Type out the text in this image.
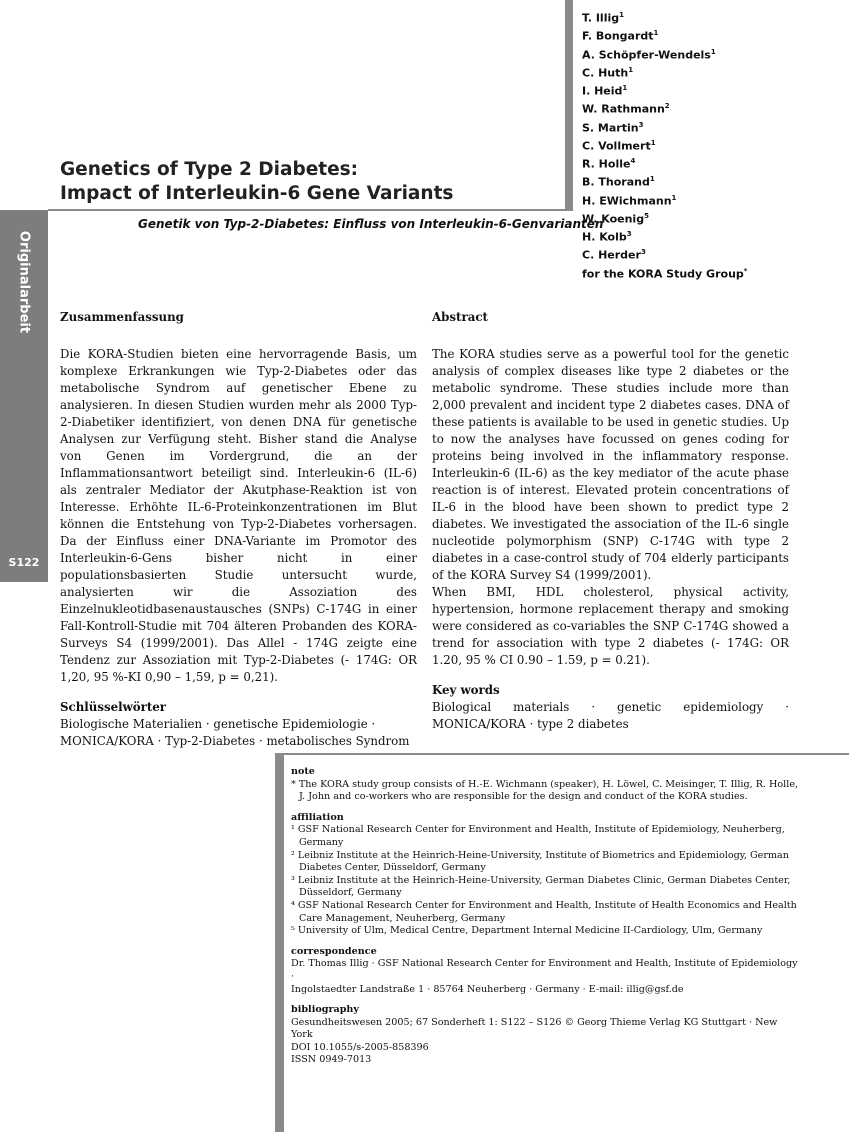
Originalarbeit
S122
T. Illig$^1$
F. Bongardt$^1$
A. Schöpfer-Wendels$^1$
C. Huth$^1$
I. Heid$^1$
W. Rathmann$^2$
S. Martin$^3$
C. Vollmert$^1$
R. Holle$^4$
B. Thorand$^1$
H. EWichmann$^1$
W. Koenig$^5$
H. Kolb$^3$
C. Herder$^3$
for the KORA Study Group*
Genetics of Type 2 Diabetes:
Impact of Interleukin-6 Gene Variants
Genetik von Typ-2-Diabetes: Einfluss von Interleukin-6-Genvarianten
Zusammenfassung

Die KORA-Studien bieten eine hervorragende Basis, um komplexe Erkrankungen wie Typ-2-Diabetes oder das metabolische Syndrom auf genetischer Ebene zu analysieren. In diesen Studien wurden mehr als 2000 Typ-2-Diabetiker identifiziert, von denen DNA für genetische Analysen zur Verfügung steht. Bisher stand die Analyse von Genen im Vordergrund, die an der Inflammationsantwort beteiligt sind. Interleukin-6 (IL-6) als zentraler Mediator der Akutphase-Reaktion ist von Interesse. Erhöhte IL-6-Proteinkonzentrationen im Blut können die Entstehung von Typ-2-Diabetes vorhersagen. Da der Einfluss einer DNA-Variante im Promotor des Interleukin-6-Gens bisher nicht in einer populationsbasierten Studie untersucht wurde, analysierten wir die Assoziation des Einzelnukleotidbasenaustausches (SNPs) C-174G in einer Fall-Kontroll-Studie mit 704 älteren Probanden des KORA-Surveys S4 (1999/2001). Das Allel - 174G zeigte eine Tendenz zur Assoziation mit Typ-2-Diabetes (- 174G: OR 1,20, 95 %-KI 0,90 – 1,59, p = 0,21).

Schlüsselwörter

Biologische Materialien · genetische Epidemiologie · MONICA/KORA · Typ-2-Diabetes · metabolisches Syndrom

Abstract

The KORA studies serve as a powerful tool for the genetic analysis of complex diseases like type 2 diabetes or the metabolic syndrome. These studies include more than 2,000 prevalent and incident type 2 diabetes cases. DNA of these patients is available to be used in genetic studies. Up to now the analyses have focussed on genes coding for proteins being involved in the inflammatory response. Interleukin-6 (IL-6) as the key mediator of the acute phase reaction is of interest. Elevated protein concentrations of IL-6 in the blood have been shown to predict type 2 diabetes. We investigated the association of the IL-6 single nucleotide polymorphism (SNP) C-174G with type 2 diabetes in a case-control study of 704 elderly participants of the KORA Survey S4 (1999/2001).

When BMI, HDL cholesterol, physical activity, hypertension, hormone replacement therapy and smoking were considered as co-variables the SNP C-174G showed a trend for association with type 2 diabetes (- 174G: OR 1.20, 95 % CI 0.90 – 1.59, p = 0.21).

Key words

Biological materials · genetic epidemiology · MONICA/KORA · type 2 diabetes

note
* The KORA study group consists of H.-E. Wichmann (speaker), H. Löwel, C. Meisinger, T. Illig, R. Holle, J. John and co-workers who are responsible for the design and conduct of the KORA studies.
affiliation
¹ GSF National Research Center for Environment and Health, Institute of Epidemiology, Neuherberg, Germany
² Leibniz Institute at the Heinrich-Heine-University, Institute of Biometrics and Epidemiology, German Diabetes Center, Düsseldorf, Germany
³ Leibniz Institute at the Heinrich-Heine-University, German Diabetes Clinic, German Diabetes Center, Düsseldorf, Germany
⁴ GSF National Research Center for Environment and Health, Institute of Health Economics and Health Care Management, Neuherberg, Germany
⁵ University of Ulm, Medical Centre, Department Internal Medicine II-Cardiology, Ulm, Germany
correspondence
Dr. Thomas Illig · GSF National Research Center for Environment and Health, Institute of Epidemiology ·
Ingolstaedter Landstraße 1 · 85764 Neuherberg · Germany · E-mail: illig@gsf.de
bibliography
Gesundheitswesen 2005; 67 Sonderheft 1: S122 – S126 © Georg Thieme Verlag KG Stuttgart · New York
DOI 10.1055/s-2005-858396
ISSN 0949-7013
